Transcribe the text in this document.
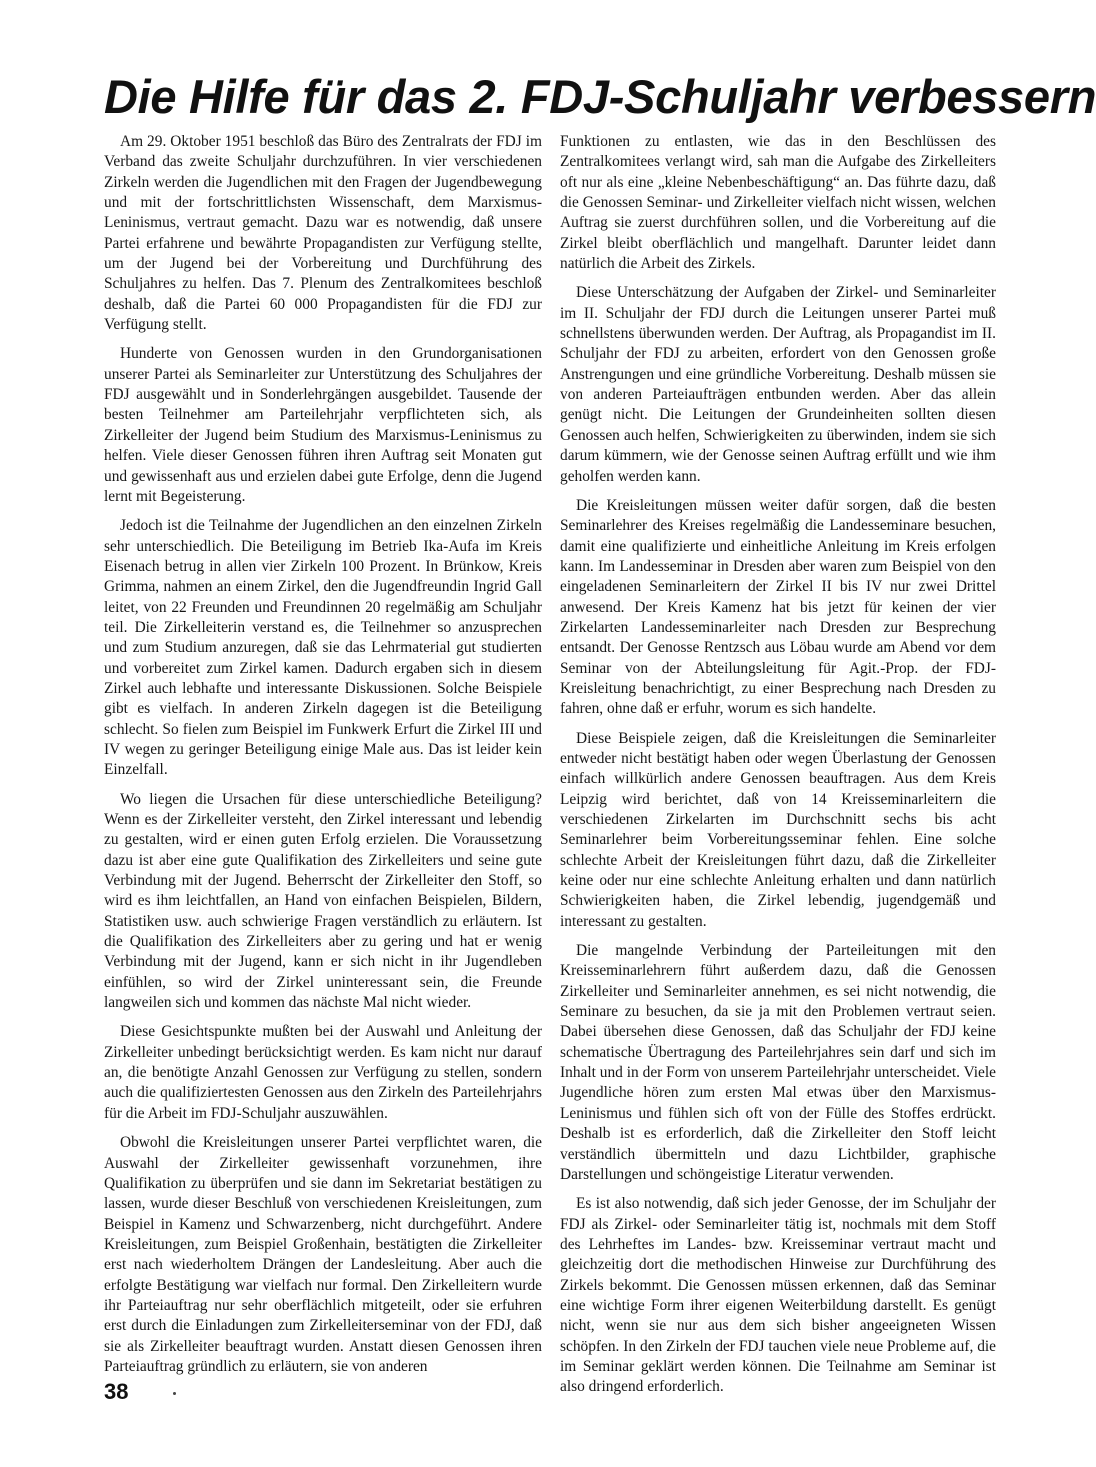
Die Hilfe für das 2. FDJ-Schuljahr verbessern

Am 29. Oktober 1951 beschloß das Büro des Zentralrats der FDJ im Verband das zweite Schuljahr durchzuführen. In vier verschiedenen Zirkeln werden die Jugendlichen mit den Fragen der Jugendbewegung und mit der fortschrittlichsten Wissenschaft, dem Marxismus-Leninismus, vertraut gemacht. Dazu war es notwendig, daß unsere Partei erfahrene und bewährte Propagandisten zur Verfügung stellte, um der Jugend bei der Vorbereitung und Durchführung des Schuljahres zu helfen. Das 7. Plenum des Zentralkomitees beschloß deshalb, daß die Partei 60 000 Propagandisten für die FDJ zur Verfügung stellt.

Hunderte von Genossen wurden in den Grundorganisationen unserer Partei als Seminarleiter zur Unterstützung des Schuljahres der FDJ ausgewählt und in Sonderlehrgängen ausgebildet. Tausende der besten Teilnehmer am Parteilehrjahr verpflichteten sich, als Zirkelleiter der Jugend beim Studium des Marxismus-Leninismus zu helfen. Viele dieser Genossen führen ihren Auftrag seit Monaten gut und gewissenhaft aus und erzielen dabei gute Erfolge, denn die Jugend lernt mit Begeisterung.

Jedoch ist die Teilnahme der Jugendlichen an den einzelnen Zirkeln sehr unterschiedlich. Die Beteiligung im Betrieb Ika-Aufa im Kreis Eisenach betrug in allen vier Zirkeln 100 Prozent. In Brünkow, Kreis Grimma, nahmen an einem Zirkel, den die Jugendfreundin Ingrid Gall leitet, von 22 Freunden und Freundinnen 20 regelmäßig am Schuljahr teil. Die Zirkelleiterin verstand es, die Teilnehmer so anzusprechen und zum Studium anzuregen, daß sie das Lehrmaterial gut studierten und vorbereitet zum Zirkel kamen. Dadurch ergaben sich in diesem Zirkel auch lebhafte und interessante Diskussionen. Solche Beispiele gibt es vielfach. In anderen Zirkeln dagegen ist die Beteiligung schlecht. So fielen zum Beispiel im Funkwerk Erfurt die Zirkel III und IV wegen zu geringer Beteiligung einige Male aus. Das ist leider kein Einzelfall.

Wo liegen die Ursachen für diese unterschiedliche Beteiligung? Wenn es der Zirkelleiter versteht, den Zirkel interessant und lebendig zu gestalten, wird er einen guten Erfolg erzielen. Die Voraussetzung dazu ist aber eine gute Qualifikation des Zirkelleiters und seine gute Verbindung mit der Jugend. Beherrscht der Zirkelleiter den Stoff, so wird es ihm leichtfallen, an Hand von einfachen Beispielen, Bildern, Statistiken usw. auch schwierige Fragen verständlich zu erläutern. Ist die Qualifikation des Zirkelleiters aber zu gering und hat er wenig Verbindung mit der Jugend, kann er sich nicht in ihr Jugendleben einfühlen, so wird der Zirkel uninteressant sein, die Freunde langweilen sich und kommen das nächste Mal nicht wieder.

Diese Gesichtspunkte mußten bei der Auswahl und Anleitung der Zirkelleiter unbedingt berücksichtigt werden. Es kam nicht nur darauf an, die benötigte Anzahl Genossen zur Verfügung zu stellen, sondern auch die qualifiziertesten Genossen aus den Zirkeln des Parteilehrjahrs für die Arbeit im FDJ-Schuljahr auszuwählen.

Obwohl die Kreisleitungen unserer Partei verpflichtet waren, die Auswahl der Zirkelleiter gewissenhaft vorzunehmen, ihre Qualifikation zu überprüfen und sie dann im Sekretariat bestätigen zu lassen, wurde dieser Beschluß von verschiedenen Kreisleitungen, zum Beispiel in Kamenz und Schwarzenberg, nicht durchgeführt. Andere Kreisleitungen, zum Beispiel Großenhain, bestätigten die Zirkelleiter erst nach wiederholtem Drängen der Landesleitung. Aber auch die erfolgte Bestätigung war vielfach nur formal. Den Zirkelleitern wurde ihr Parteiauftrag nur sehr oberflächlich mitgeteilt, oder sie erfuhren erst durch die Einladungen zum Zirkelleiterseminar von der FDJ, daß sie als Zirkelleiter beauftragt wurden. Anstatt diesen Genossen ihren Parteiauftrag gründlich zu erläutern, sie von anderen

Funktionen zu entlasten, wie das in den Beschlüssen des Zentralkomitees verlangt wird, sah man die Aufgabe des Zirkelleiters oft nur als eine „kleine Nebenbeschäftigung“ an. Das führte dazu, daß die Genossen Seminar- und Zirkelleiter vielfach nicht wissen, welchen Auftrag sie zuerst durchführen sollen, und die Vorbereitung auf die Zirkel bleibt oberflächlich und mangelhaft. Darunter leidet dann natürlich die Arbeit des Zirkels.

Diese Unterschätzung der Aufgaben der Zirkel- und Seminarleiter im II. Schuljahr der FDJ durch die Leitungen unserer Partei muß schnellstens überwunden werden. Der Auftrag, als Propagandist im II. Schuljahr der FDJ zu arbeiten, erfordert von den Genossen große Anstrengungen und eine gründliche Vorbereitung. Deshalb müssen sie von anderen Parteiaufträgen entbunden werden. Aber das allein genügt nicht. Die Leitungen der Grundeinheiten sollten diesen Genossen auch helfen, Schwierigkeiten zu überwinden, indem sie sich darum kümmern, wie der Genosse seinen Auftrag erfüllt und wie ihm geholfen werden kann.

Die Kreisleitungen müssen weiter dafür sorgen, daß die besten Seminarlehrer des Kreises regelmäßig die Landesseminare besuchen, damit eine qualifizierte und einheitliche Anleitung im Kreis erfolgen kann. Im Landesseminar in Dresden aber waren zum Beispiel von den eingeladenen Seminarleitern der Zirkel II bis IV nur zwei Drittel anwesend. Der Kreis Kamenz hat bis jetzt für keinen der vier Zirkelarten Landesseminarleiter nach Dresden zur Besprechung entsandt. Der Genosse Rentzsch aus Löbau wurde am Abend vor dem Seminar von der Abteilungsleitung für Agit.-Prop. der FDJ-Kreisleitung benachrichtigt, zu einer Besprechung nach Dresden zu fahren, ohne daß er erfuhr, worum es sich handelte.

Diese Beispiele zeigen, daß die Kreisleitungen die Seminarleiter entweder nicht bestätigt haben oder wegen Überlastung der Genossen einfach willkürlich andere Genossen beauftragen. Aus dem Kreis Leipzig wird berichtet, daß von 14 Kreisseminarleitern die verschiedenen Zirkelarten im Durchschnitt sechs bis acht Seminarlehrer beim Vorbereitungsseminar fehlen. Eine solche schlechte Arbeit der Kreisleitungen führt dazu, daß die Zirkelleiter keine oder nur eine schlechte Anleitung erhalten und dann natürlich Schwierigkeiten haben, die Zirkel lebendig, jugendgemäß und interessant zu gestalten.

Die mangelnde Verbindung der Parteileitungen mit den Kreisseminarlehrern führt außerdem dazu, daß die Genossen Zirkelleiter und Seminarleiter annehmen, es sei nicht notwendig, die Seminare zu besuchen, da sie ja mit den Problemen vertraut seien. Dabei übersehen diese Genossen, daß das Schuljahr der FDJ keine schematische Übertragung des Parteilehrjahres sein darf und sich im Inhalt und in der Form von unserem Parteilehrjahr unterscheidet. Viele Jugendliche hören zum ersten Mal etwas über den Marxismus-Leninismus und fühlen sich oft von der Fülle des Stoffes erdrückt. Deshalb ist es erforderlich, daß die Zirkelleiter den Stoff leicht verständlich übermitteln und dazu Lichtbilder, graphische Darstellungen und schöngeistige Literatur verwenden.

Es ist also notwendig, daß sich jeder Genosse, der im Schuljahr der FDJ als Zirkel- oder Seminarleiter tätig ist, nochmals mit dem Stoff des Lehrheftes im Landes- bzw. Kreisseminar vertraut macht und gleichzeitig dort die methodischen Hinweise zur Durchführung des Zirkels bekommt. Die Genossen müssen erkennen, daß das Seminar eine wichtige Form ihrer eigenen Weiterbildung darstellt. Es genügt nicht, wenn sie nur aus dem sich bisher angeeigneten Wissen schöpfen. In den Zirkeln der FDJ tauchen viele neue Probleme auf, die im Seminar geklärt werden können. Die Teilnahme am Seminar ist also dringend erforderlich.

38
